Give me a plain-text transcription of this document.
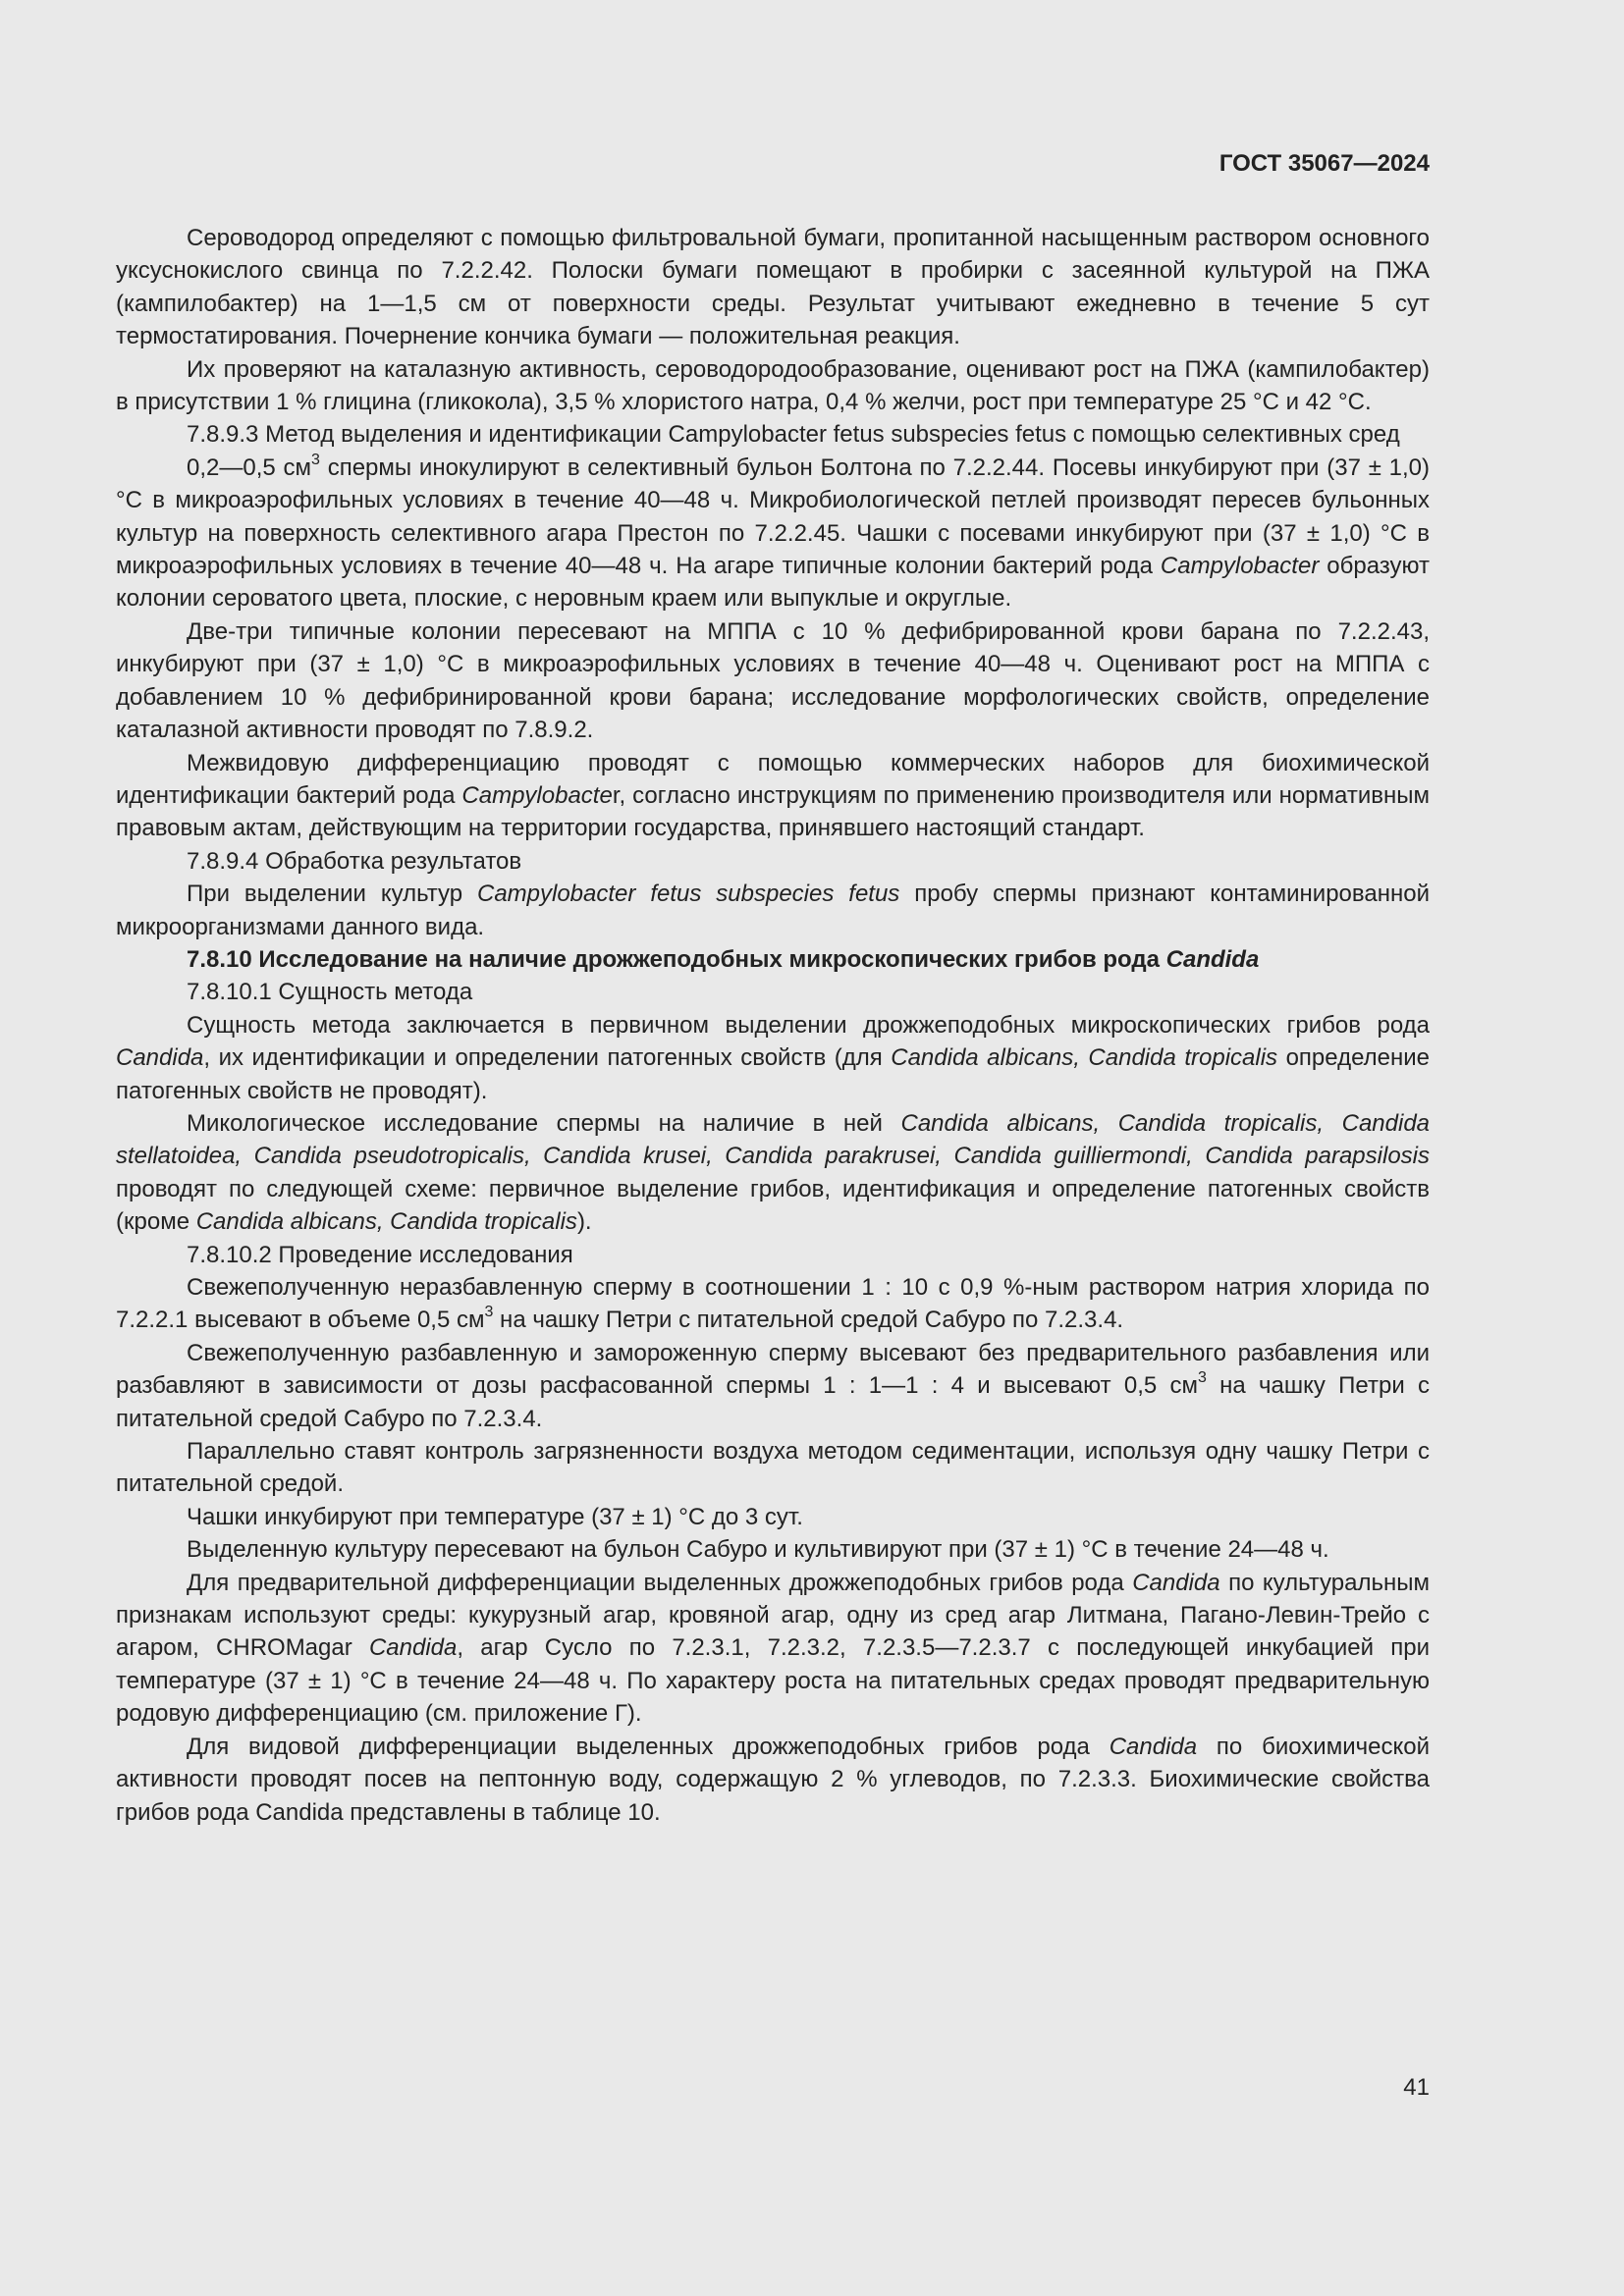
ГОСТ 35067—2024

Сероводород определяют с помощью фильтровальной бумаги, пропитанной насыщенным раствором основного уксуснокислого свинца по 7.2.2.42. Полоски бумаги помещают в пробирки с засеянной культурой на ПЖА (кампилобактер) на 1—1,5 см от поверхности среды. Результат учитывают ежедневно в течение 5 сут термостатирования. Почернение кончика бумаги — положительная реакция.

Их проверяют на каталазную активность, сероводородообразование, оценивают рост на ПЖА (кампилобактер) в присутствии 1 % глицина (гликокола), 3,5 % хлористого натра, 0,4 % желчи, рост при температуре 25 °С и 42 °С.

7.8.9.3 Метод выделения и идентификации Campylobacter fetus subspecies fetus с помощью селективных сред

0,2—0,5 $см^3$ спермы инокулируют в селективный бульон Болтона по 7.2.2.44. Посевы инкубируют при (37 ± 1,0) °С в микроаэрофильных условиях в течение 40—48 ч. Микробиологической петлей производят пересев бульонных культур на поверхность селективного агара Престон по 7.2.2.45. Чашки с посевами инкубируют при (37 ± 1,0) °С в микроаэрофильных условиях в течение 40—48 ч. На агаре типичные колонии бактерий рода Campylobacter образуют колонии сероватого цвета, плоские, с неровным краем или выпуклые и округлые.

Две-три типичные колонии пересевают на МППА с 10 % дефибрированной крови барана по 7.2.2.43, инкубируют при (37 ± 1,0) °С в микроаэрофильных условиях в течение 40—48 ч. Оценивают рост на МППА с добавлением 10 % дефибринированной крови барана; исследование морфологических свойств, определение каталазной активности проводят по 7.8.9.2.

Межвидовую дифференциацию проводят с помощью коммерческих наборов для биохимической идентификации бактерий рода Campylobacter, согласно инструкциям по применению производителя или нормативным правовым актам, действующим на территории государства, принявшего настоящий стандарт.

7.8.9.4 Обработка результатов

При выделении культур Campylobacter fetus subspecies fetus пробу спермы признают контаминированной микроорганизмами данного вида.

7.8.10 Исследование на наличие дрожжеподобных микроскопических грибов рода Candida

7.8.10.1 Сущность метода

Сущность метода заключается в первичном выделении дрожжеподобных микроскопических грибов рода Candida, их идентификации и определении патогенных свойств (для Candida albicans, Candida tropicalis определение патогенных свойств не проводят).

Микологическое исследование спермы на наличие в ней Candida albicans, Candida tropicalis, Candida stellatoidea, Candida pseudotropicalis, Candida krusei, Candida parakrusei, Candida guilliermondi, Candida parapsilosis проводят по следующей схеме: первичное выделение грибов, идентификация и определение патогенных свойств (кроме Candida albicans, Candida tropicalis).

7.8.10.2 Проведение исследования

Свежеполученную неразбавленную сперму в соотношении 1 : 10 с 0,9 %-ным раствором натрия хлорида по 7.2.2.1 высевают в объеме 0,5 $см^3$ на чашку Петри с питательной средой Сабуро по 7.2.3.4.

Свежеполученную разбавленную и замороженную сперму высевают без предварительного разбавления или разбавляют в зависимости от дозы расфасованной спермы 1 : 1—1 : 4 и высевают 0,5 $см^3$ на чашку Петри с питательной средой Сабуро по 7.2.3.4.

Параллельно ставят контроль загрязненности воздуха методом седиментации, используя одну чашку Петри с питательной средой.

Чашки инкубируют при температуре (37 ± 1) °С до 3 сут.

Выделенную культуру пересевают на бульон Сабуро и культивируют при (37 ± 1) °С в течение 24—48 ч.

Для предварительной дифференциации выделенных дрожжеподобных грибов рода Candida по культуральным признакам используют среды: кукурузный агар, кровяной агар, одну из сред агар Литмана, Пагано-Левин-Трейо с агаром, CHROMagar Candida, агар Сусло по 7.2.3.1, 7.2.3.2, 7.2.3.5—7.2.3.7 с последующей инкубацией при температуре (37 ± 1) °С в течение 24—48 ч. По характеру роста на питательных средах проводят предварительную родовую дифференциацию (см. приложение Г).

Для видовой дифференциации выделенных дрожжеподобных грибов рода Candida по биохимической активности проводят посев на пептонную воду, содержащую 2 % углеводов, по 7.2.3.3. Биохимические свойства грибов рода Candida представлены в таблице 10.

41
